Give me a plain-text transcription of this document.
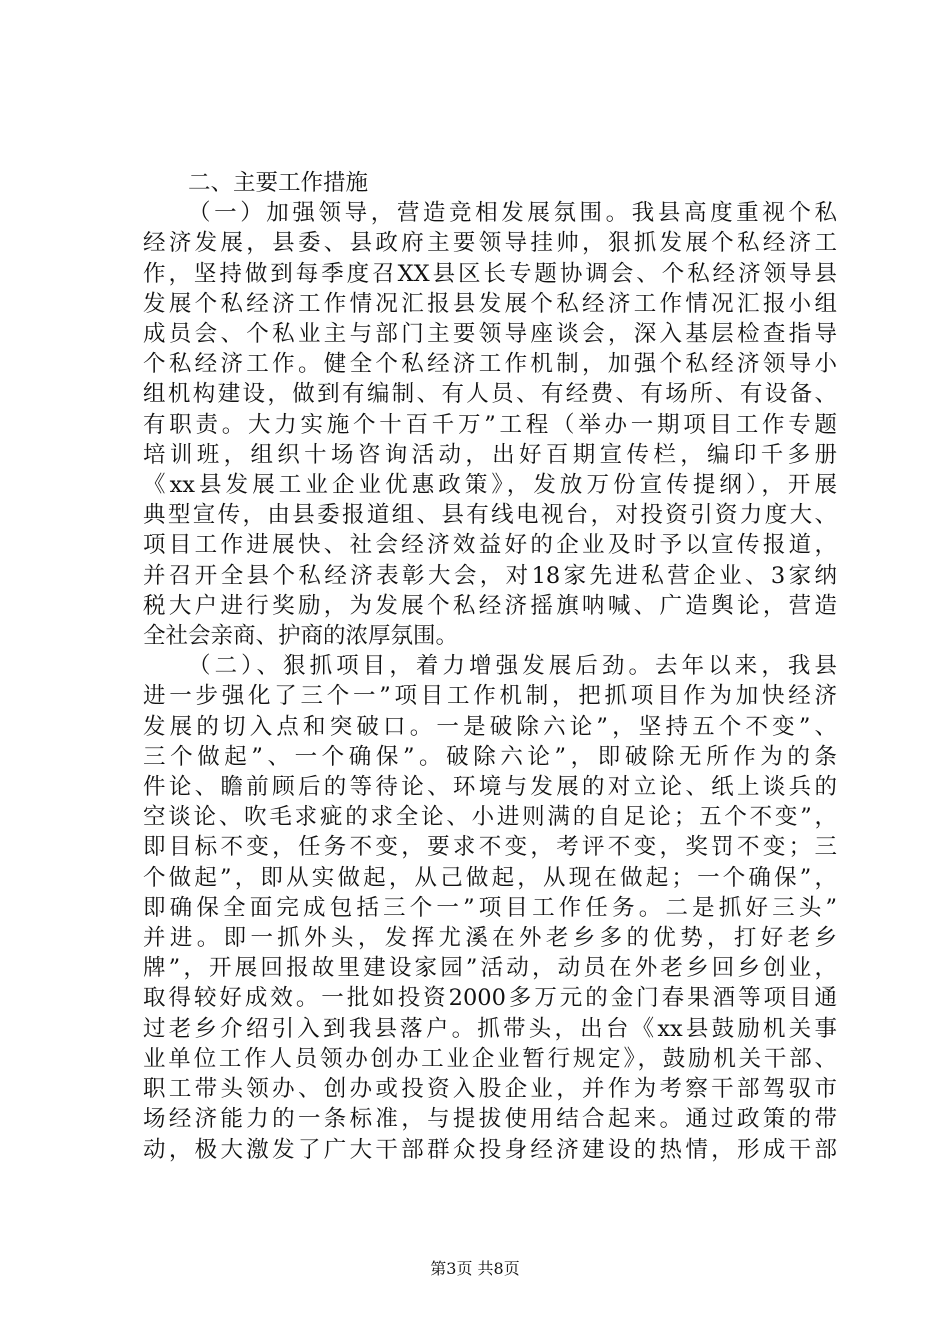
二、主要工作措施
（一）加强领导，营造竞相发展氛围。我县高度重视个私
经济发展，县委、县政府主要领导挂帅，狠抓发展个私经济工
作，坚持做到每季度召XX县区长专题协调会、个私经济领导县
发展个私经济工作情况汇报县发展个私经济工作情况汇报小组
成员会、个私业主与部门主要领导座谈会，深入基层检查指导
个私经济工作。健全个私经济工作机制，加强个私经济领导小
组机构建设，做到有编制、有人员、有经费、有场所、有设备、
有职责。大力实施个十百千万”工程（举办一期项目工作专题
培训班，组织十场咨询活动，出好百期宣传栏，编印千多册
《xx县发展工业企业优惠政策》，发放万份宣传提纲），开展
典型宣传，由县委报道组、县有线电视台，对投资引资力度大、
项目工作进展快、社会经济效益好的企业及时予以宣传报道，
并召开全县个私经济表彰大会，对18家先进私营企业、3家纳
税大户进行奖励，为发展个私经济摇旗呐喊、广造舆论，营造
全社会亲商、护商的浓厚氛围。
（二）、狠抓项目，着力增强发展后劲。去年以来，我县
进一步强化了三个一”项目工作机制，把抓项目作为加快经济
发展的切入点和突破口。一是破除六论”，坚持五个不变”、
三个做起”、一个确保”。破除六论”，即破除无所作为的条
件论、瞻前顾后的等待论、环境与发展的对立论、纸上谈兵的
空谈论、吹毛求疵的求全论、小进则满的自足论；五个不变”，
即目标不变，任务不变，要求不变，考评不变，奖罚不变；三
个做起”，即从实做起，从己做起，从现在做起；一个确保”，
即确保全面完成包括三个一”项目工作任务。二是抓好三头”
并进。即一抓外头，发挥尤溪在外老乡多的优势，打好老乡
牌”，开展回报故里建设家园”活动，动员在外老乡回乡创业，
取得较好成效。一批如投资2000多万元的金门春果酒等项目通
过老乡介绍引入到我县落户。抓带头，出台《xx县鼓励机关事
业单位工作人员领办创办工业企业暂行规定》，鼓励机关干部、
职工带头领办、创办或投资入股企业，并作为考察干部驾驭市
场经济能力的一条标准，与提拔使用结合起来。通过政策的带
动，极大激发了广大干部群众投身经济建设的热情，形成干部
第3页 共8页
